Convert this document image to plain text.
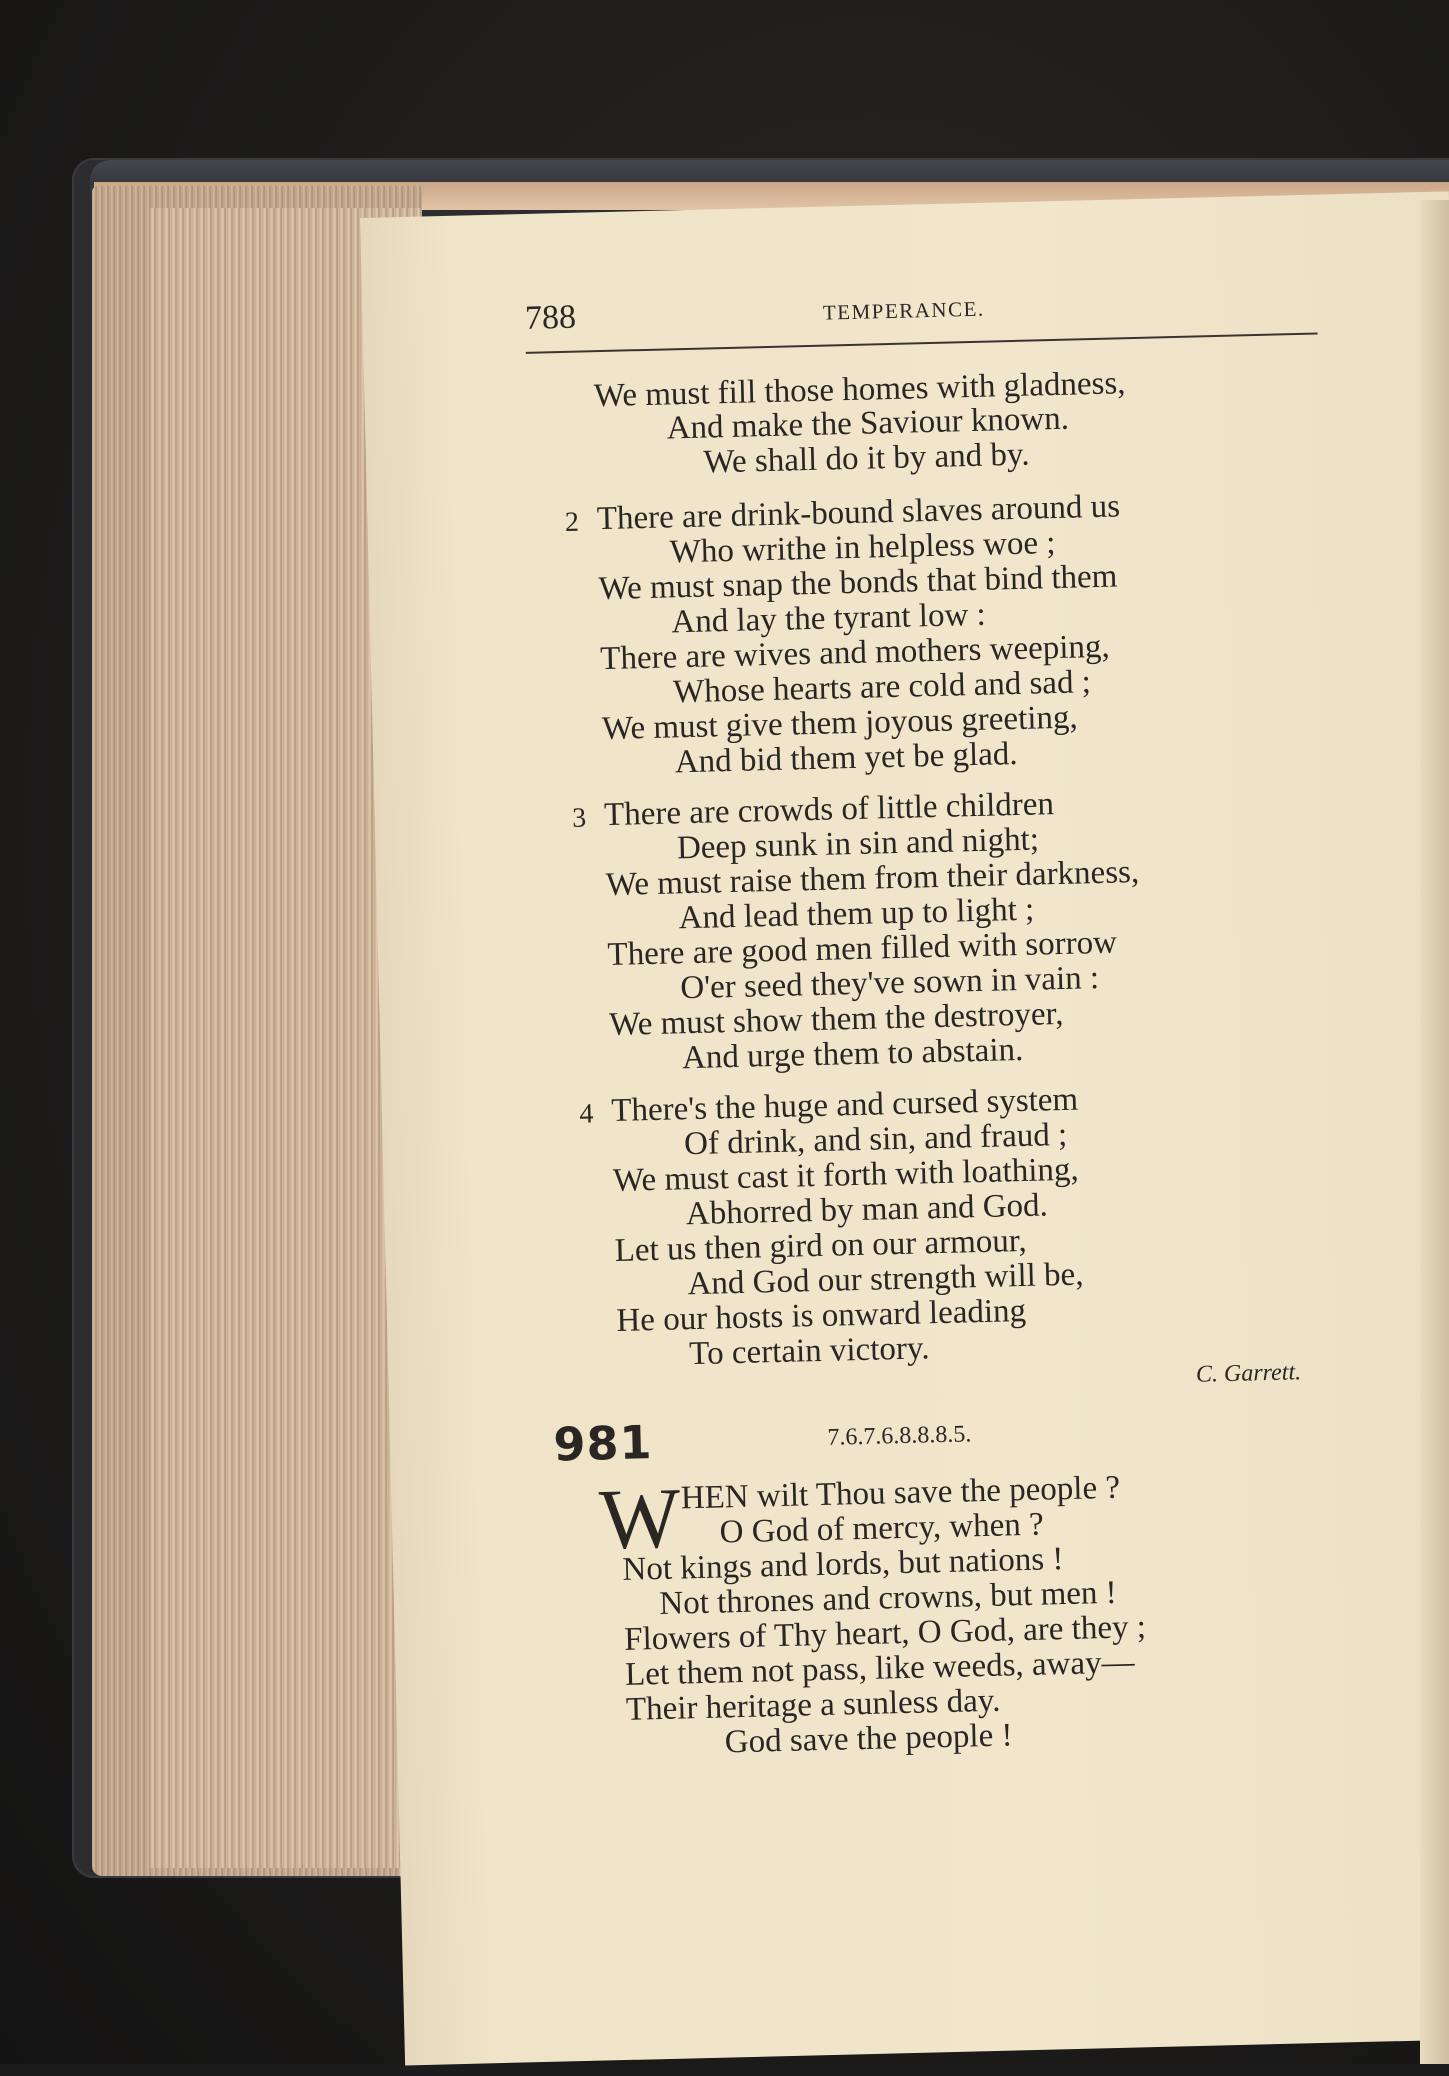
788	TEMPERANCE.
We must fill those homes with gladness,
And make the Saviour known.
We shall do it by and by.
2 There are drink-bound slaves around us
Who writhe in helpless woe ;
We must snap the bonds that bind them
And lay the tyrant low :
There are wives and mothers weeping,
Whose hearts are cold and sad ;
We must give them joyous greeting,
And bid them yet be glad.
3 There are crowds of little children
Deep sunk in sin and night;
We must raise them from their darkness,
And lead them up to light ;
There are good men filled with sorrow
O'er seed they've sown in vain :
We must show them the destroyer,
And urge them to abstain.
4 There's the huge and cursed system
Of drink, and sin, and fraud ;
We must cast it forth with loathing,
Abhorred by man and God.
Let us then gird on our armour,
And God our strength will be,
He our hosts is onward leading
To certain victory.
C. Garrett.
981	7.6.7.6.8.8.8.5.
W
HEN wilt Thou save the people ?
O God of mercy, when ?
Not kings and lords, but nations !
Not thrones and crowns, but men !
Flowers of Thy heart, O God, are they ;
Let them not pass, like weeds, away—
Their heritage a sunless day.
God save the people !
